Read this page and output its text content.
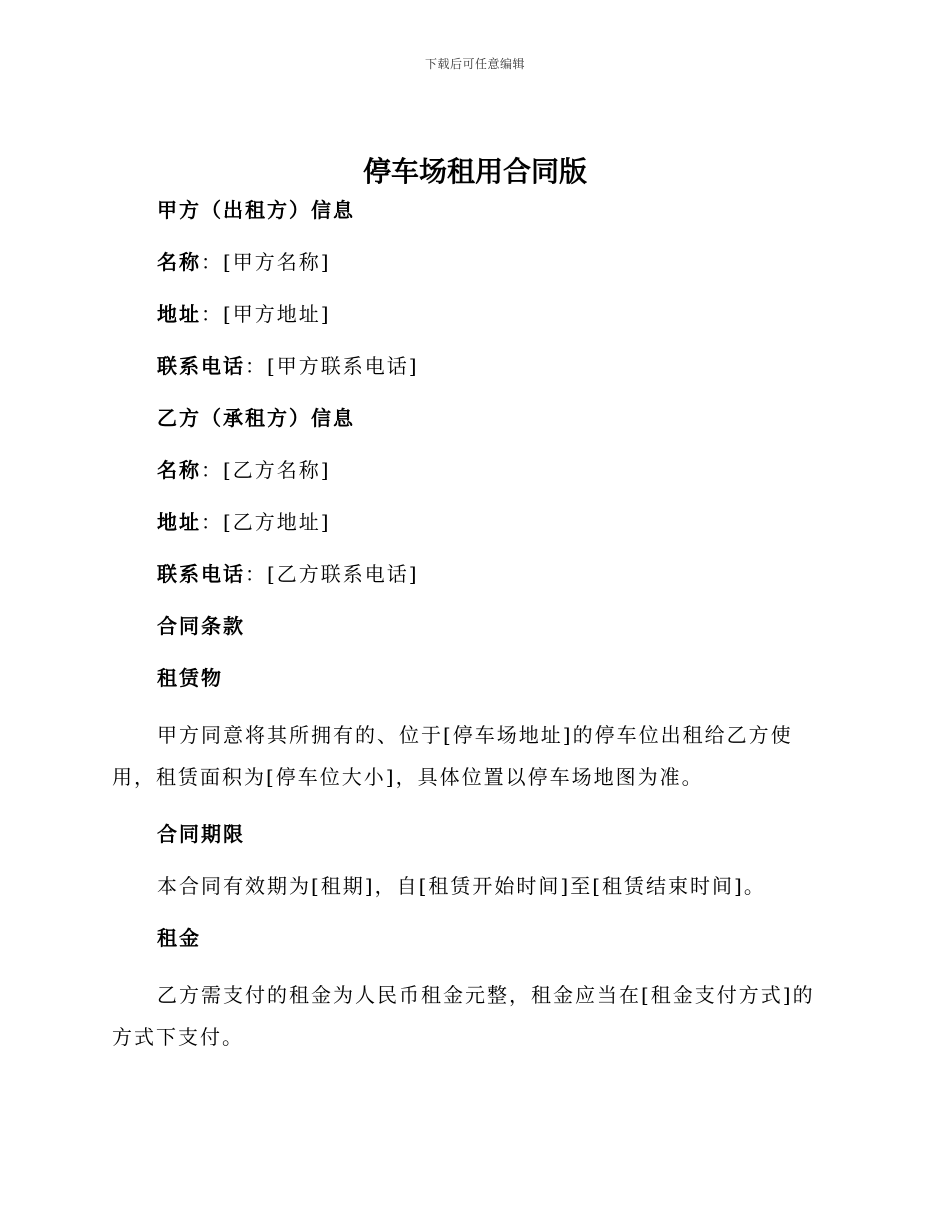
下载后可任意编辑
停车场租用合同版

甲方（出租方）信息

名称：[甲方名称]

地址：[甲方地址]

联系电话：[甲方联系电话]

乙方（承租方）信息

名称：[乙方名称]

地址：[乙方地址]

联系电话：[乙方联系电话]

合同条款

租赁物

甲方同意将其所拥有的、位于[停车场地址]的停车位出租给乙方使用，租赁面积为[停车位大小]，具体位置以停车场地图为准。

合同期限

本合同有效期为[租期]，自[租赁开始时间]至[租赁结束时间]。

租金

乙方需支付的租金为人民币租金元整，租金应当在[租金支付方式]的方式下支付。
